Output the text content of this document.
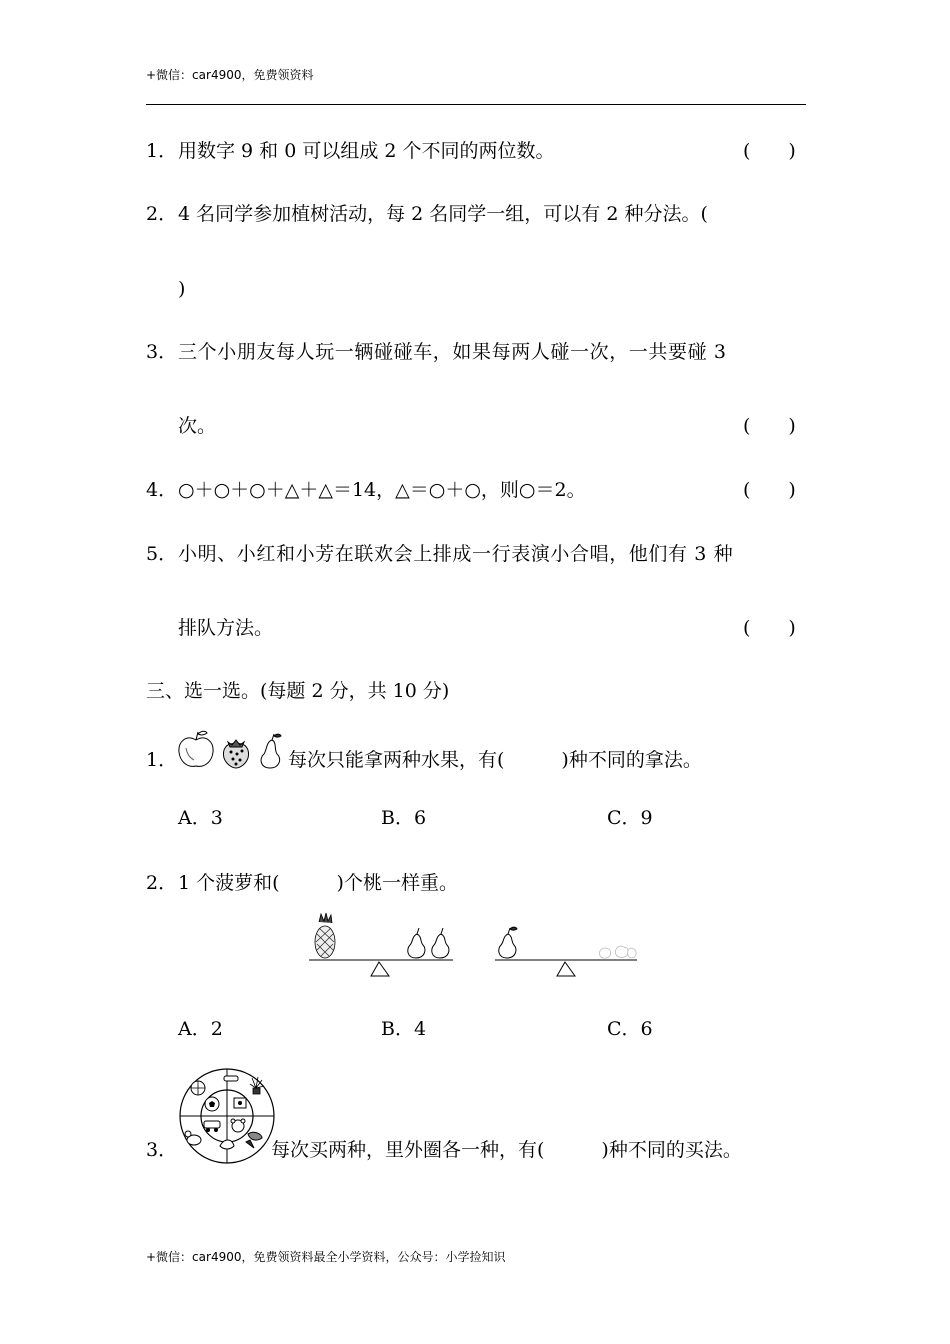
+微信：car4900，免费领资料
1． 用数字 9 和 0 可以组成 2 个不同的两位数。	(　　)
2． 4 名同学参加植树活动，每 2 名同学一组，可以有 2 种分法。(
)
3． 三个小朋友每人玩一辆碰碰车，如果每两人碰一次，一共要碰 3
次。	(　　)
4． ○＋○＋○＋△＋△＝14，△＝○＋○，则○＝2。	(　　)
5． 小明、小红和小芳在联欢会上排成一行表演小合唱，他们有 3 种
排队方法。	(　　)
三、选一选。(每题 2 分，共 10 分)
1．	每次只能拿两种水果，有(　　　)种不同的拿法。
A．3	B．6	C．9
2． 1 个菠萝和(　　　)个桃一样重。
A．2	B．4	C．6
3．	每次买两种，里外圈各一种，有(　　　)种不同的买法。
+微信：car4900，免费领资料最全小学资料，公众号：小学捡知识
